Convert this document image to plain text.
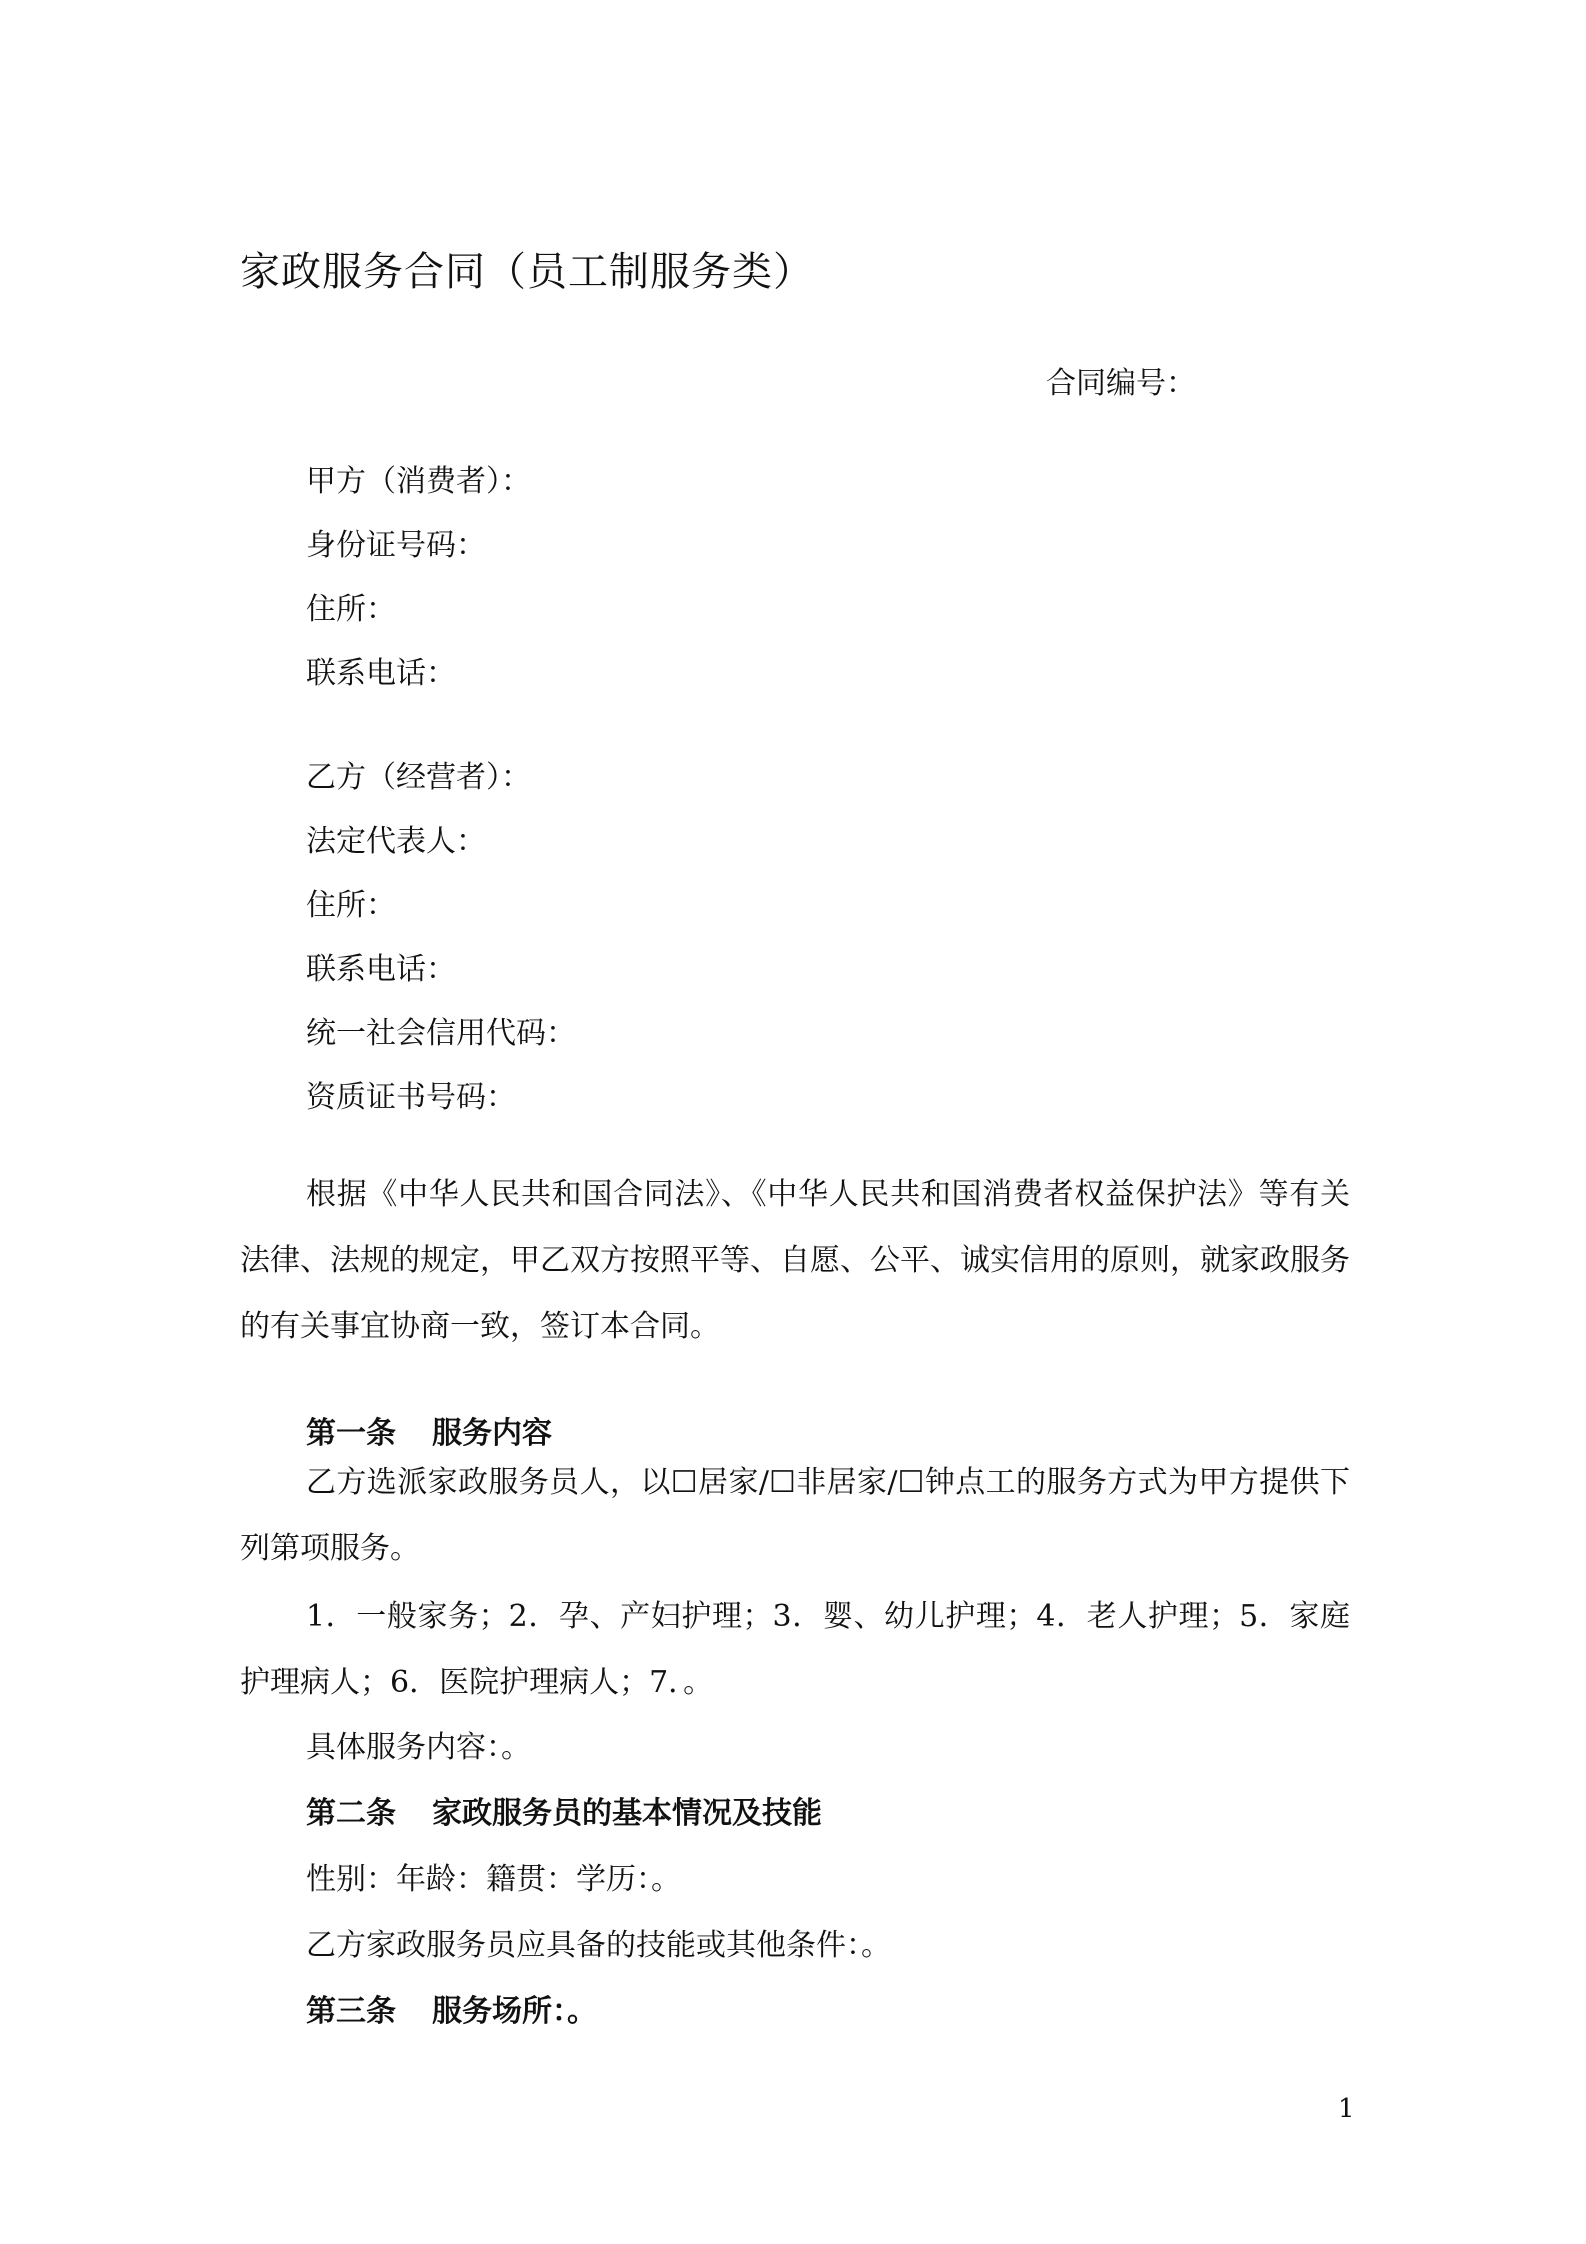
家政服务合同（员工制服务类）
合同编号：
甲方（消费者）：
身份证号码：
住所：
联系电话：
乙方（经营者）：
法定代表人：
住所：
联系电话：
统一社会信用代码：
资质证书号码：

根据《中华人民共和国合同法》、《中华人民共和国消费者权益保护法》等有关法律、法规的规定，甲乙双方按照平等、自愿、公平、诚实信用的原则，就家政服务的有关事宜协商一致，签订本合同。

第一条 服务内容

乙方选派家政服务员人，以☐居家/☐非居家/☐钟点工的服务方式为甲方提供下列第项服务。

1．一般家务；2．孕、产妇护理；3．婴、幼儿护理；4．老人护理；5．家庭护理病人；6．医院护理病人；7．。

具体服务内容：。
第二条 家政服务员的基本情况及技能
性别：年龄：籍贯：学历：。
乙方家政服务员应具备的技能或其他条件：。
第三条 服务场所：。
1
